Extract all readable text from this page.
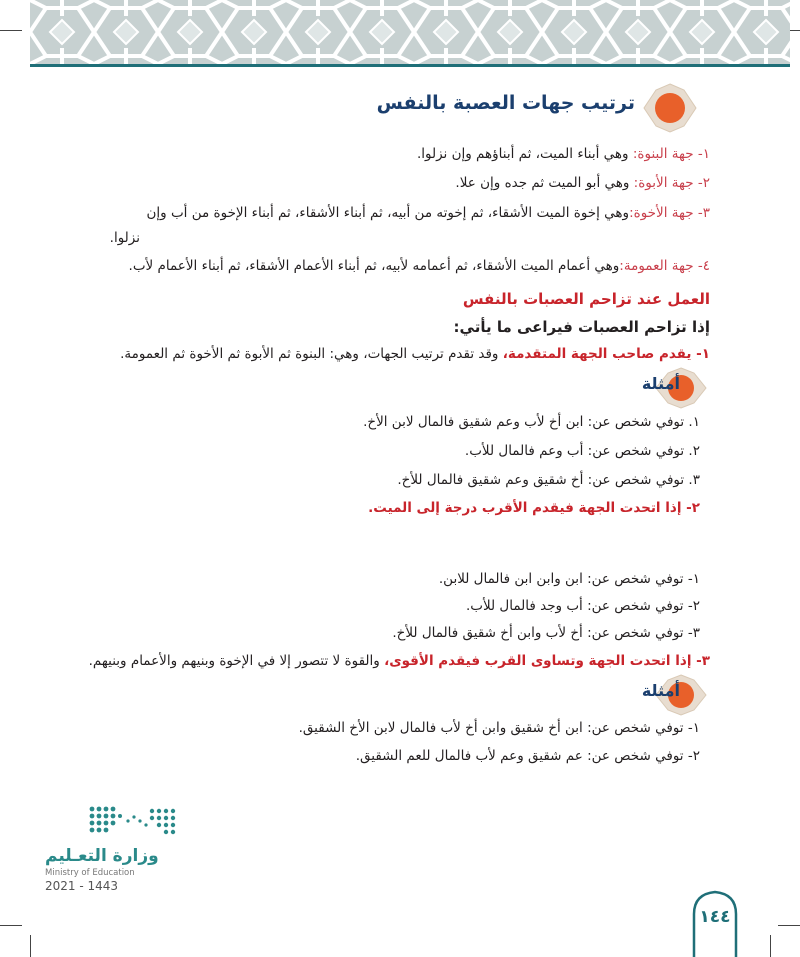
ترتيب جهات العصبة بالنفس
١- جهة البنوة: وهي أبناء الميت، ثم أبناؤهم وإن نزلوا.
٢- جهة الأبوة: وهي أبو الميت ثم جده وإن علا.
٣- جهة الأخوة:وهي إخوة الميت الأشقاء، ثم إخوته من أبيه، ثم أبناء الأشقاء، ثم أبناء الإخوة من أب وإن
نزلوا.
٤- جهة العمومة:وهي أعمام الميت الأشقاء، ثم أعمامه لأبيه، ثم أبناء الأعمام الأشقاء، ثم أبناء الأعمام لأب.
العمل عند تزاحم العصبات بالنفس
إذا تزاحم العصبات فيراعى ما يأتي:
١- يقدم صاحب الجهة المتقدمة، وقد تقدم ترتيب الجهات، وهي: البنوة ثم الأبوة ثم الأخوة ثم العمومة.
أمثلة
١. توفي شخص عن: ابن أخ لأب وعم شقيق فالمال لابن الأخ.
٢. توفي شخص عن: أب وعم فالمال للأب.
٣. توفي شخص عن: أخ شقيق وعم شقيق فالمال للأخ.
٢- إذا اتحدت الجهة فيقدم الأقرب درجة إلى الميت.
١- توفي شخص عن: ابن وابن ابن فالمال للابن.
٢- توفي شخص عن: أب وجد فالمال للأب.
٣- توفي شخص عن: أخ لأب وابن أخ شقيق فالمال للأخ.
٣- إذا اتحدت الجهة وتساوى القرب فيقدم الأقوى، والقوة لا تتصور إلا في الإخوة وبنيهم والأعمام وبنيهم.
أمثلة
١- توفي شخص عن: ابن أخ شقيق وابن أخ لأب فالمال لابن الأخ الشقيق.
٢- توفي شخص عن: عم شقيق وعم لأب فالمال للعم الشقيق.
وزارة التعـليم
Ministry of Education
2021 - 1443
١٤٤
